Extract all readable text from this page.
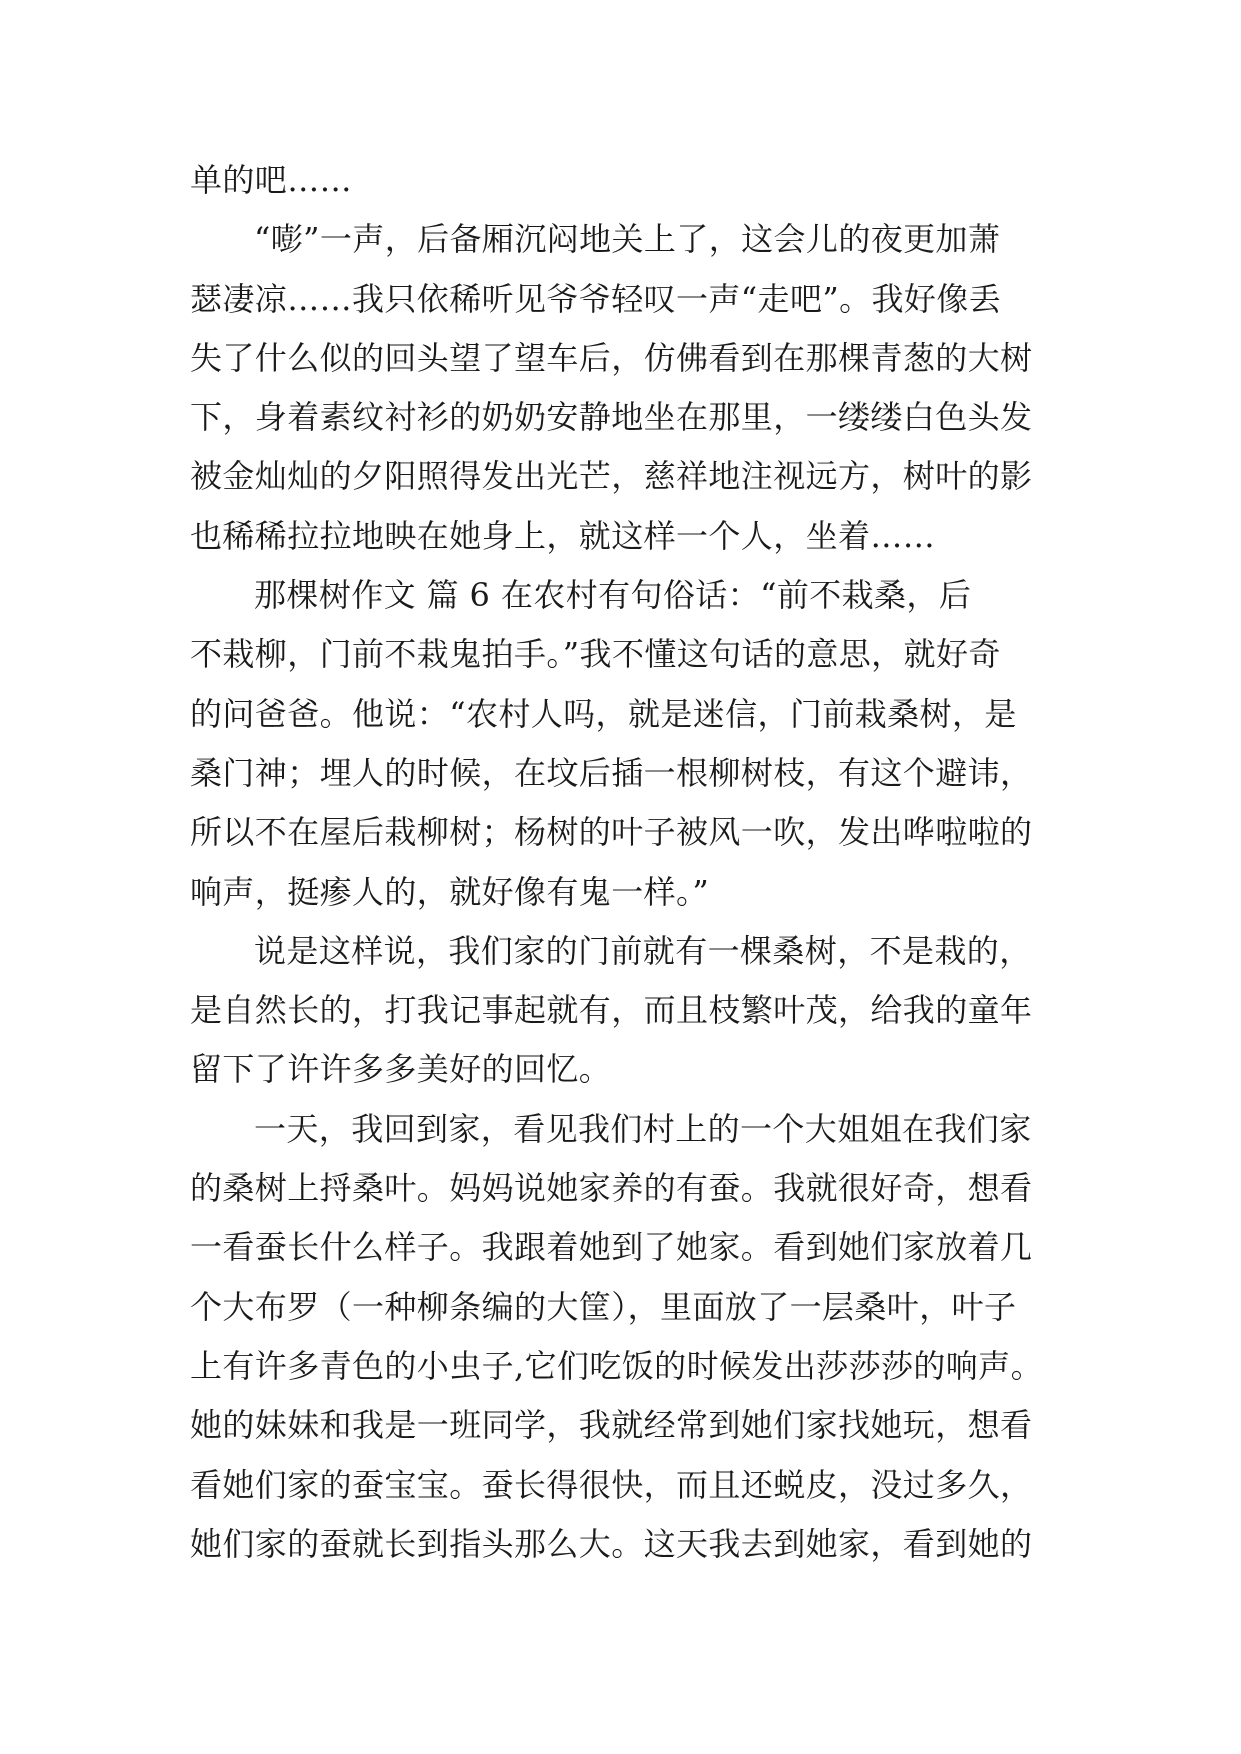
单的吧……
“嘭”一声，后备厢沉闷地关上了，这会儿的夜更加萧
瑟凄凉……我只依稀听见爷爷轻叹一声“走吧”。我好像丢
失了什么似的回头望了望车后，仿佛看到在那棵青葱的大树
下，身着素纹衬衫的奶奶安静地坐在那里，一缕缕白色头发
被金灿灿的夕阳照得发出光芒，慈祥地注视远方，树叶的影
也稀稀拉拉地映在她身上，就这样一个人，坐着……
那棵树作文 篇 6 在农村有句俗话：“前不栽桑，后
不栽柳，门前不栽鬼拍手。”我不懂这句话的意思，就好奇
的问爸爸。他说：“农村人吗，就是迷信，门前栽桑树，是
桑门神；埋人的时候，在坟后插一根柳树枝，有这个避讳，
所以不在屋后栽柳树；杨树的叶子被风一吹，发出哗啦啦的
响声，挺瘆人的，就好像有鬼一样。”
说是这样说，我们家的门前就有一棵桑树，不是栽的，
是自然长的，打我记事起就有，而且枝繁叶茂，给我的童年
留下了许许多多美好的回忆。
一天，我回到家，看见我们村上的一个大姐姐在我们家
的桑树上捋桑叶。妈妈说她家养的有蚕。我就很好奇，想看
一看蚕长什么样子。我跟着她到了她家。看到她们家放着几
个大布罗（一种柳条编的大筐），里面放了一层桑叶，叶子
上有许多青色的小虫子,它们吃饭的时候发出莎莎莎的响声。
她的妹妹和我是一班同学，我就经常到她们家找她玩，想看
看她们家的蚕宝宝。蚕长得很快，而且还蜕皮，没过多久，
她们家的蚕就长到指头那么大。这天我去到她家，看到她的
